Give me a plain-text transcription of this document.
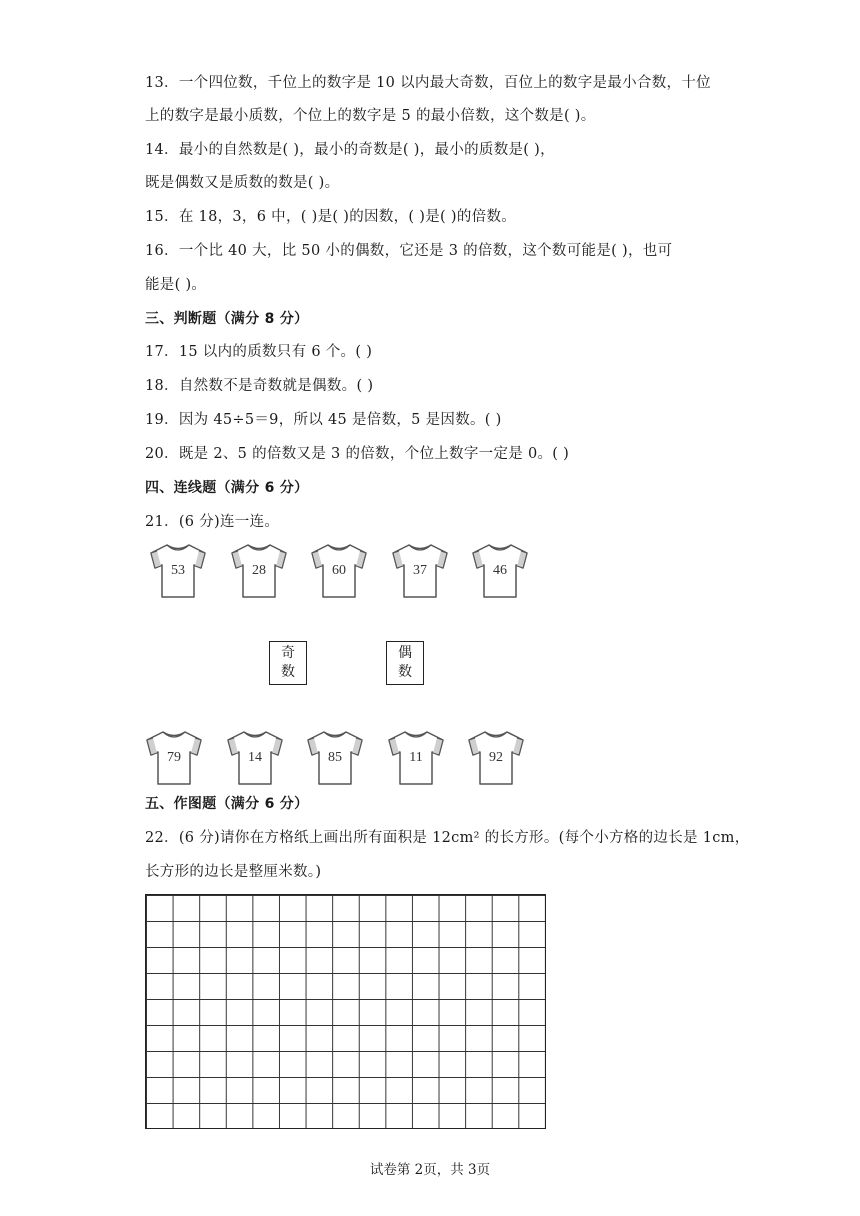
13．一个四位数，千位上的数字是 10 以内最大奇数，百位上的数字是最小合数，十位
上的数字是最小质数，个位上的数字是 5 的最小倍数，这个数是( )。
14．最小的自然数是( )，最小的奇数是( )，最小的质数是( )，
既是偶数又是质数的数是( )。
15．在 18，3，6 中，( )是( )的因数，( )是( )的倍数。
16．一个比 40 大，比 50 小的偶数，它还是 3 的倍数，这个数可能是( )，也可
能是( )。
三、判断题（满分 8 分）
17．15 以内的质数只有 6 个。( )
18．自然数不是奇数就是偶数。( )
19．因为 45÷5＝9，所以 45 是倍数，5 是因数。( )
20．既是 2、5 的倍数又是 3 的倍数，个位上数字一定是 0。( )
四、连线题（满分 6 分）
21．(6 分)连一连。
53	28	60	37	46
奇
数
偶
数
79	14	85	11	92
五、作图题（满分 6 分）
22．(6 分)请你在方格纸上画出所有面积是 12cm² 的长方形。(每个小方格的边长是 1cm，
长方形的边长是整厘米数。)
试卷第 2页，共 3页
